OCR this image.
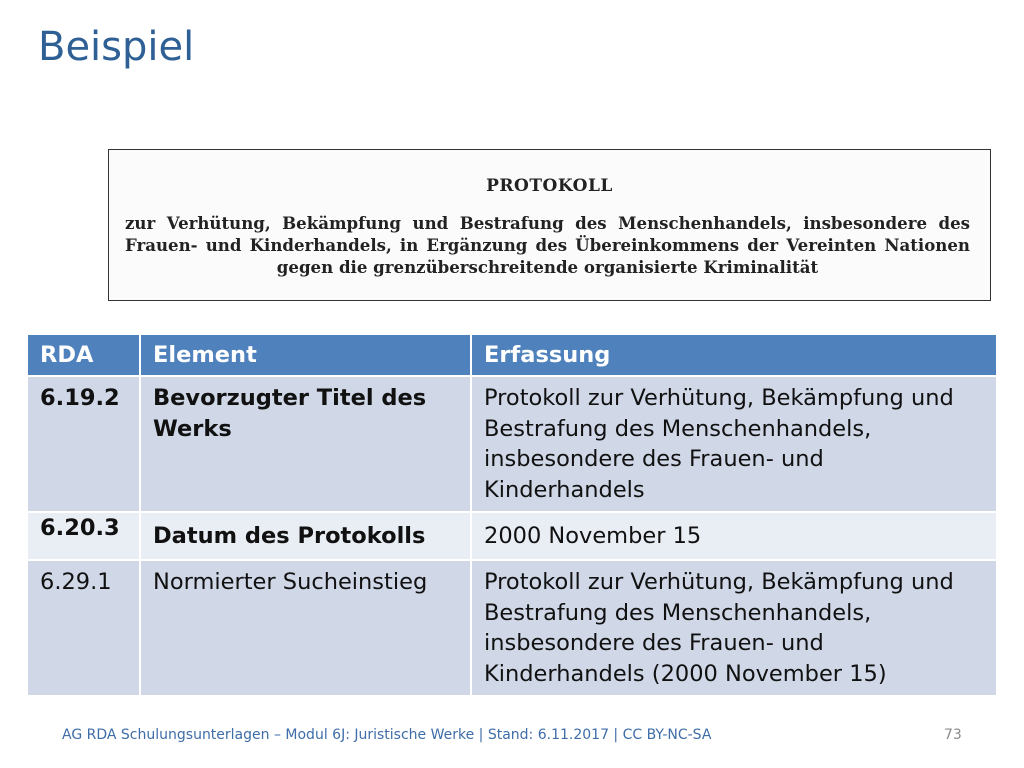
Beispiel
PROTOKOLL
zur Verhütung, Bekämpfung und Bestrafung des Menschenhandels, insbesondere des Frauen- und Kinderhandels, in Ergänzung des Übereinkommens der Vereinten Nationen gegen die grenzüberschreitende organisierte Kriminalität
RDA	Element	Erfassung
6.19.2	Bevorzugter Titel des Werks	Protokoll zur Verhütung, Bekämpfung und Bestrafung des Menschenhandels, insbesondere des Frauen- und Kinderhandels
6.20.3	Datum des Protokolls	2000 November 15
6.29.1	Normierter Sucheinstieg	Protokoll zur Verhütung, Bekämpfung und Bestrafung des Menschenhandels, insbesondere des Frauen- und Kinderhandels (2000 November 15)
AG RDA Schulungsunterlagen – Modul 6J: Juristische Werke | Stand: 6.11.2017 | CC BY-NC-SA	73
